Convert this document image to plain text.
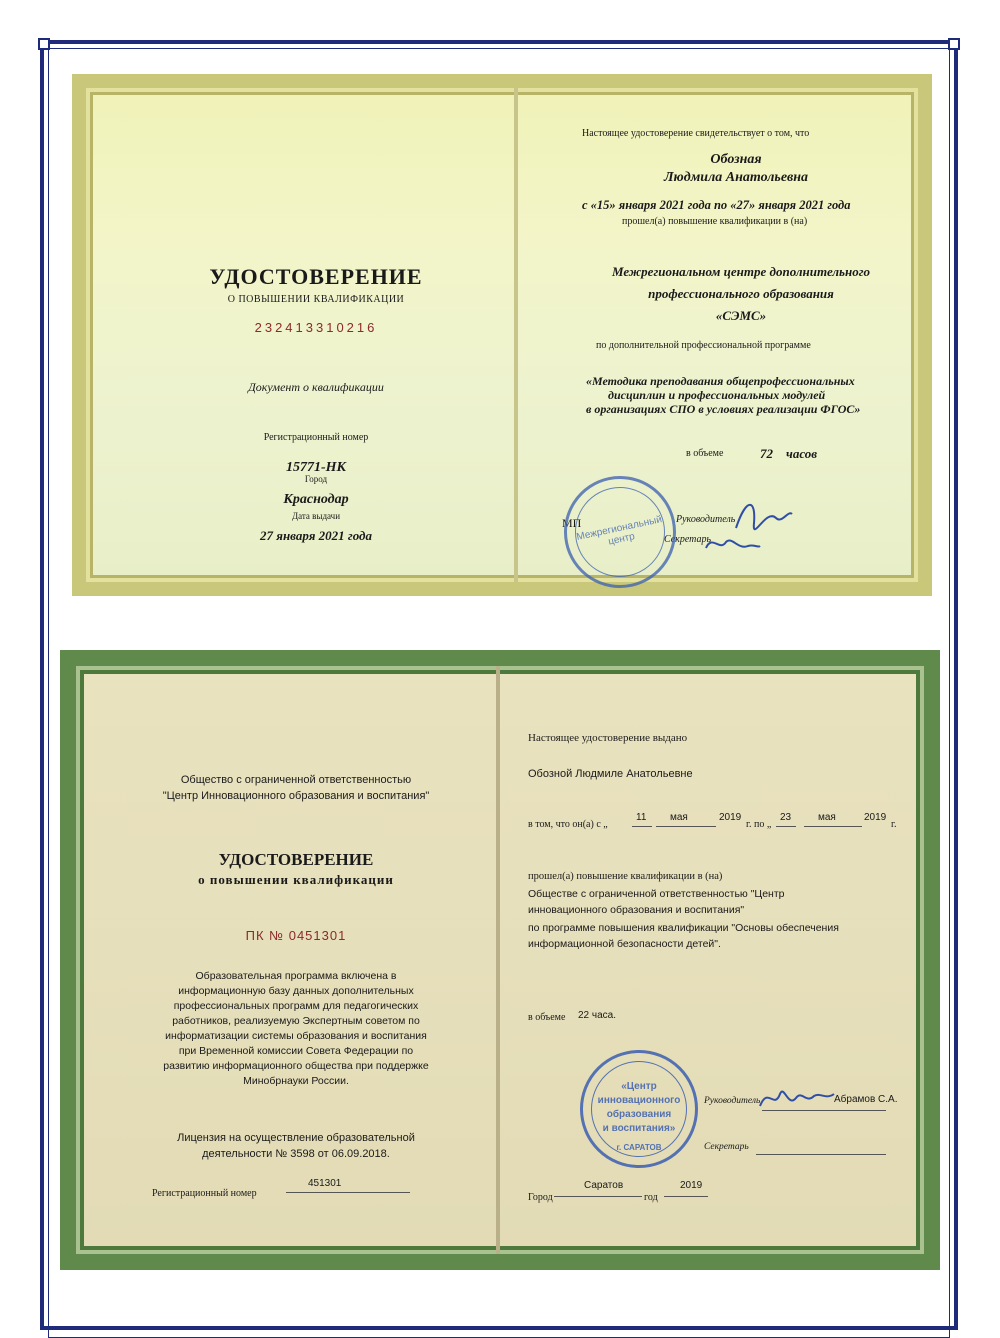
УДОСТОВЕРЕНИЕ

О ПОВЫШЕНИИ КВАЛИФИКАЦИИ

232413310216

Документ о квалификации

Регистрационный номер

15771-НК

Город

Краснодар

Дата выдачи

27 января 2021 года

Настоящее удостоверение свидетельствует о том, что

Обозная

Людмила Анатольевна

с «15» января 2021 года по «27» января 2021 года

прошел(а) повышение квалификации в (на)

Межрегиональном центре дополнительного

профессионального образования

«СЭМС»

по дополнительной профессиональной программе

«Методика преподавания общепрофессиональных

дисциплин и профессиональных модулей

в организациях СПО в условиях реализации ФГОС»

в объеме	72 часов

МП	Руководитель

Секретарь

Межрегиональный центр

Общество с ограниченной ответственностью

"Центр Инновационного образования и воспитания"

УДОСТОВЕРЕНИЕ

о повышении квалификации

ПК № 0451301

Образовательная программа включена в

информационную базу данных дополнительных

профессиональных программ для педагогических

работников, реализуемую Экспертным советом по

информатизации системы образования и воспитания

при Временной комиссии Совета Федерации по

развитию информационного общества при поддержке

Минобрнауки России.

Лицензия на осуществление образовательной

деятельности № 3598 от 06.09.2018.

Регистрационный номер

451301

Настоящее удостоверение выдано

Обозной Людмиле Анатольевне

в том, что он(а) с „

11 мая	2019

г. по „

23	мая	2019

г.

прошел(а) повышение квалификации в (на)

Обществе с ограниченной ответственностью "Центр

инновационного образования и воспитания"

по программе повышения квалификации "Основы обеспечения

информационной безопасности детей".

в объеме 22 часа.

Руководитель	Абрамов С.А.

Секретарь

«Центр

инновационного

образования

и воспитания»

г. САРАТОВ

Город

Саратов

год

2019
